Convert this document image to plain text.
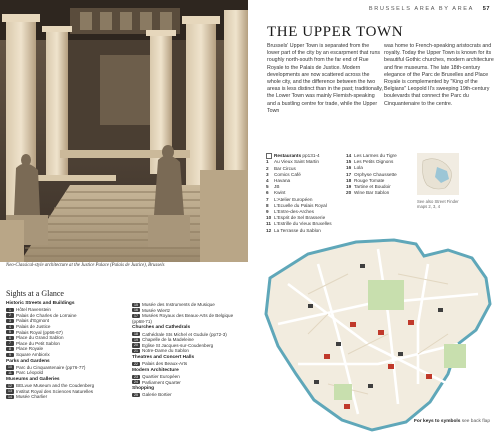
Neo-Classical-style architecture at the Justice Palace (Palais de Justice), Brussels
BRUSSELS AREA BY AREA 57
THE UPPER TOWN
Brussels' Upper Town is separated from the lower part of the city by an escarpment that runs roughly north-south from the far end of Rue Royale to the Palais de Justice. Modern developments are now scattered across the whole city, and the difference between the two areas is less distinct than in the past; traditionally, the Lower Town was mainly Flemish-speaking and a bustling centre for trade, while the Upper Town
was home to French-speaking aristocrats and royalty. Today the Upper Town is known for its beautiful Gothic churches, modern architecture and fine museums. The late 18th-century elegance of the Parc de Bruxelles and Place Royale is complemented by "King of the Belgians" Leopold II's sweeping 19th-century boulevards that connect the Parc du Cinquantenaire to the centre.
Restaurants pp131-4
1 Au Vieux Saint Martin
2 Bar Circus
3 Comics Café
4 Havana
5 JB
6 Kwint
7 L'Atelier Européen
8 L'Ecuelle du Palais Royal
9 L'Entre-des-Arches
10 L'Esprit de Sel Brasserie
11 L'Estrille du Vieux Bruxelles
12 La Terrasse du Sablon
14 Les Larmes du Tigre
15 Les Petits Oignons
16 Lola
17 Orphyse Chaussette
18 Rouge Tomate
19 Tartine et Boudoir
20 Wine Bar Sablon
See also Street Finder maps 2, 3, 4
Sights at a Glance
Historic Streets and Buildings
1 Hôtel Ravenstein
2 Palais de Charles de Lorraine
3 Palais d'Egmont
4 Palais de Justice
5 Palais Royal (pp66-67)
6 Place du Grand Sablon
7 Place du Petit Sablon
8 Place Royale
9 Square Ambiorix
Parks and Gardens
10 Parc du Cinquantenaire (pp76-77)
11 Parc Léopold
Museums and Galleries
12 BELvue Museum and the Coudenberg
13 Institut Royal des Sciences Naturelles
14 Musée Charlier
15 Musée des Instruments de Musique
16 Musée Wiertz
17 Musées Royaux des Beaux-Arts de Belgique (pp68-71)
Churches and Cathedrals
18 Cathédrale Sts Michel et Gudule (pp72-3)
19 Chapelle de la Madeleine
20 Eglise St Jacques-sur-Coudenberg
21 Notre-Dame du Sablon
Theatres and Concert Halls
22 Palais des Beaux-Arts
Modern Architecture
23 Quartier Européen
24 Parliament Quarter
Shopping
25 Galerie Bortier
For keys to symbols see back flap
